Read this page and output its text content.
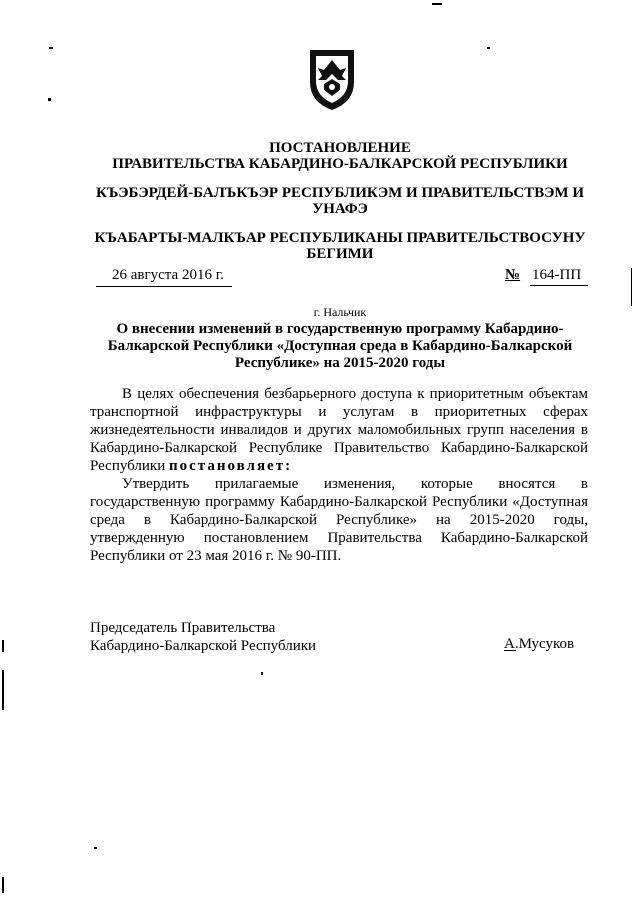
ПОСТАНОВЛЕНИЕ
ПРАВИТЕЛЬСТВА КАБАРДИНО-БАЛКАРСКОЙ РЕСПУБЛИКИ
КЪЭБЭРДЕЙ-БАЛЪКЪЭР РЕСПУБЛИКЭМ И ПРАВИТЕЛЬСТВЭМ И
УНАФЭ
КЪАБАРТЫ-МАЛКЪАР РЕСПУБЛИКАНЫ ПРАВИТЕЛЬСТВОСУНУ
БЕГИМИ
26 августа 2016 г.	№ 164-ПП
г. Нальчик
О внесении изменений в государственную программу Кабардино-
Балкарской Республики «Доступная среда в Кабардино-Балкарской
Республике» на 2015-2020 годы
В целях обеспечения безбарьерного доступа к приоритетным объектам транспортной инфраструктуры и услугам в приоритетных сферах жизнедеятельности инвалидов и других маломобильных групп населения в Кабардино-Балкарской Республике Правительство Кабардино-Балкарской Республики постановляет:
Утвердить прилагаемые изменения, которые вносятся в государственную программу Кабардино-Балкарской Республики «Доступная среда в Кабардино-Балкарской Республике» на 2015-2020 годы, утвержденную постановлением Правительства Кабардино-Балкарской Республики от 23 мая 2016 г. № 90-ПП.
Председатель Правительства
Кабардино-Балкарской Республики	А.Мусуков
